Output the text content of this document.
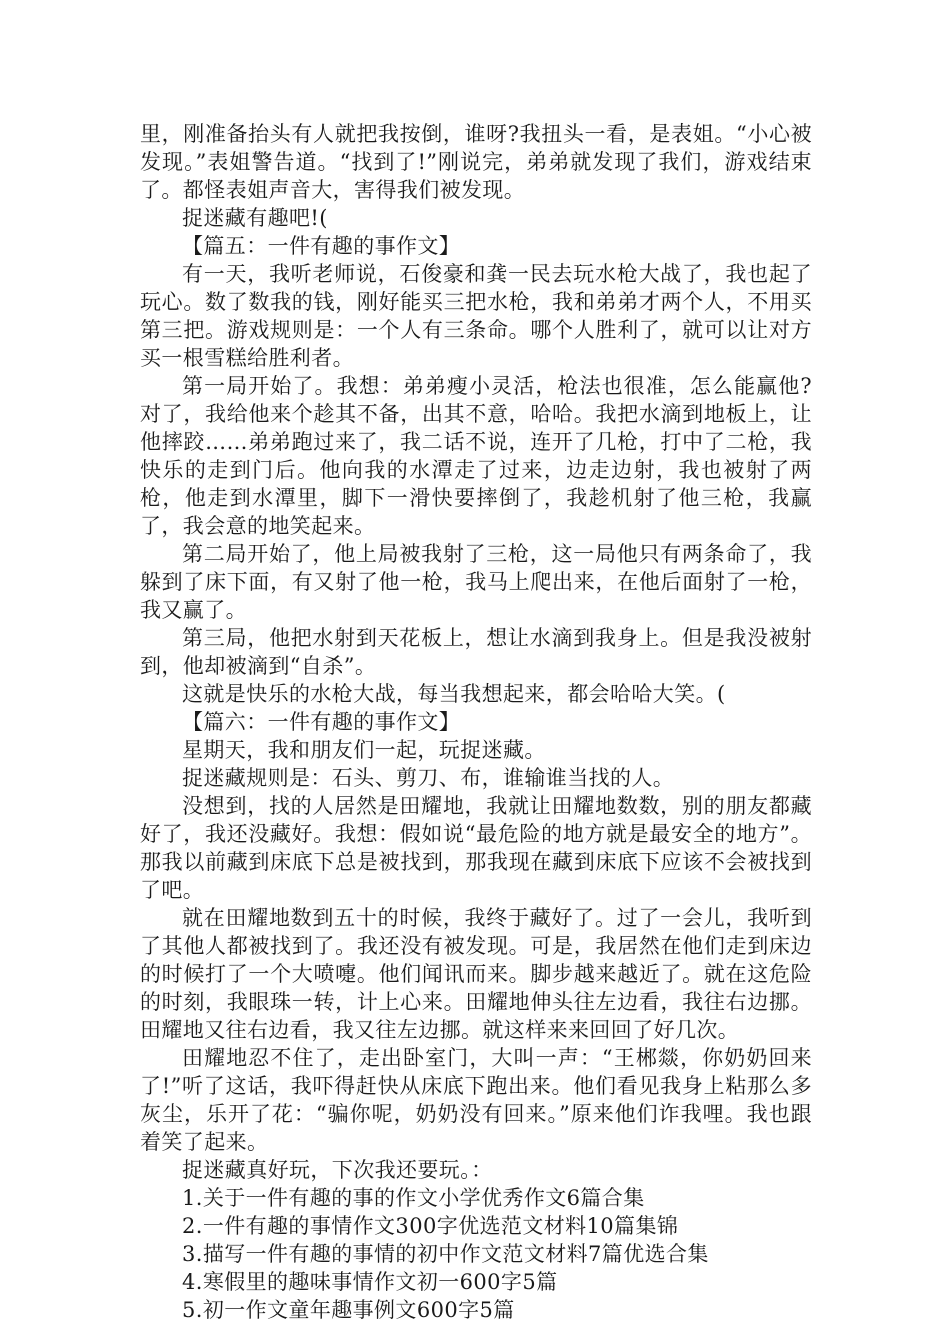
里，刚准备抬头有人就把我按倒，谁呀?我扭头一看，是表姐。“小心被发现。”表姐警告道。“找到了!”刚说完，弟弟就发现了我们，游戏结束了。都怪表姐声音大，害得我们被发现。

捉迷藏有趣吧!(

【篇五：一件有趣的事作文】

有一天，我听老师说，石俊豪和龚一民去玩水枪大战了，我也起了玩心。数了数我的钱，刚好能买三把水枪，我和弟弟才两个人，不用买第三把。游戏规则是：一个人有三条命。哪个人胜利了，就可以让对方买一根雪糕给胜利者。

第一局开始了。我想：弟弟瘦小灵活，枪法也很准，怎么能赢他?对了，我给他来个趁其不备，出其不意，哈哈。我把水滴到地板上，让他摔跤……弟弟跑过来了，我二话不说，连开了几枪，打中了二枪，我快乐的走到门后。他向我的水潭走了过来，边走边射，我也被射了两枪，他走到水潭里，脚下一滑快要摔倒了，我趁机射了他三枪，我赢了，我会意的地笑起来。

第二局开始了，他上局被我射了三枪，这一局他只有两条命了，我躲到了床下面，有又射了他一枪，我马上爬出来，在他后面射了一枪，我又赢了。

第三局，他把水射到天花板上，想让水滴到我身上。但是我没被射到，他却被滴到“自杀”。

这就是快乐的水枪大战，每当我想起来，都会哈哈大笑。(

【篇六：一件有趣的事作文】

星期天，我和朋友们一起，玩捉迷藏。

捉迷藏规则是：石头、剪刀、布，谁输谁当找的人。

没想到，找的人居然是田耀地，我就让田耀地数数，别的朋友都藏好了，我还没藏好。我想：假如说“最危险的地方就是最安全的地方”。那我以前藏到床底下总是被找到，那我现在藏到床底下应该不会被找到了吧。

就在田耀地数到五十的时候，我终于藏好了。过了一会儿，我听到了其他人都被找到了。我还没有被发现。可是，我居然在他们走到床边的时候打了一个大喷嚏。他们闻讯而来。脚步越来越近了。就在这危险的时刻，我眼珠一转，计上心来。田耀地伸头往左边看，我往右边挪。田耀地又往右边看，我又往左边挪。就这样来来回回了好几次。

田耀地忍不住了，走出卧室门，大叫一声：“王郴燚，你奶奶回来了!”听了这话，我吓得赶快从床底下跑出来。他们看见我身上粘那么多灰尘，乐开了花：“骗你呢，奶奶没有回来。”原来他们诈我哩。我也跟着笑了起来。

捉迷藏真好玩，下次我还要玩。：

1.关于一件有趣的事的作文小学优秀作文6篇合集
2.一件有趣的事情作文300字优选范文材料10篇集锦
3.描写一件有趣的事情的初中作文范文材料7篇优选合集
4.寒假里的趣味事情作文初一600字5篇
5.初一作文童年趣事例文600字5篇
